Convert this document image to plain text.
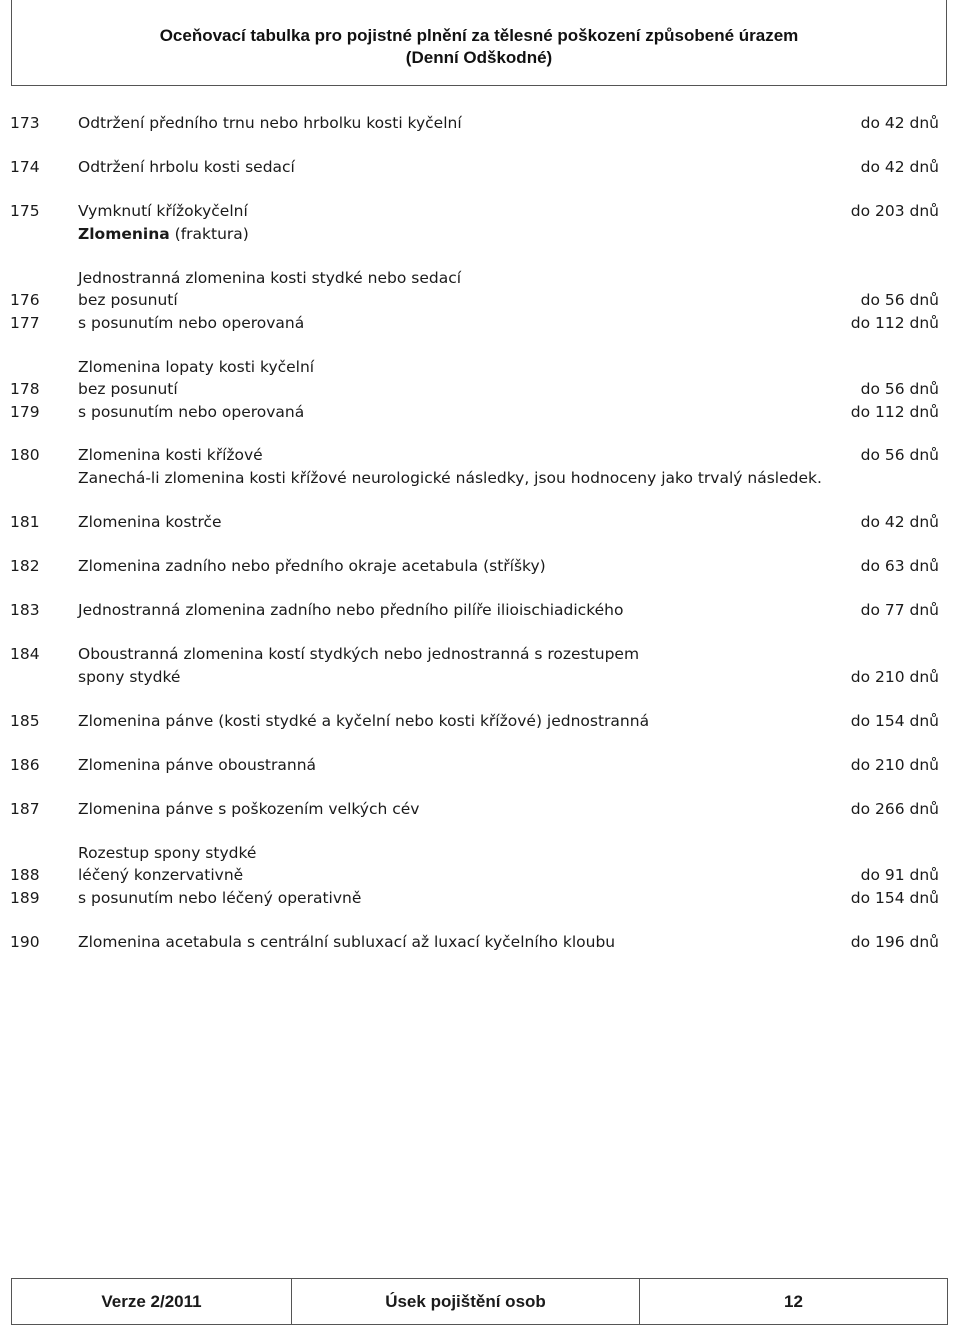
Oceňovací tabulka pro pojistné plnění za tělesné poškození způsobené úrazem
(Denní Odškodné)
173 Odtržení předního trnu nebo hrbolku kosti kyčelní	do 42 dnů
174 Odtržení hrbolu kosti sedací	do 42 dnů
175 Vymknutí křížokyčelní	do 203 dnů
Zlomenina (fraktura)
Jednostranná zlomenina kosti stydké nebo sedací
176 bez posunutí	do 56 dnů
177 s posunutím nebo operovaná	do 112 dnů
Zlomenina lopaty kosti kyčelní
178 bez posunutí	do 56 dnů
179 s posunutím nebo operovaná	do 112 dnů
180 Zlomenina kosti křížové	do 56 dnů
Zanechá-li zlomenina kosti křížové neurologické následky, jsou hodnoceny jako trvalý následek.
181 Zlomenina kostrče	do 42 dnů
182 Zlomenina zadního nebo předního okraje acetabula (stříšky)	do 63 dnů
183 Jednostranná zlomenina zadního nebo předního pilíře ilioischiadického	do 77 dnů
184 Oboustranná zlomenina kostí stydkých nebo jednostranná s rozestupem
spony stydké	do 210 dnů
185 Zlomenina pánve (kosti stydké a kyčelní nebo kosti křížové) jednostranná	do 154 dnů
186 Zlomenina pánve oboustranná	do 210 dnů
187 Zlomenina pánve s poškozením velkých cév	do 266 dnů
Rozestup spony stydké
188 léčený konzervativně	do 91 dnů
189 s posunutím nebo léčený operativně	do 154 dnů
190 Zlomenina acetabula s centrální subluxací až luxací kyčelního kloubu	do 196 dnů
Verze 2/2011	Úsek pojištění osob	12
